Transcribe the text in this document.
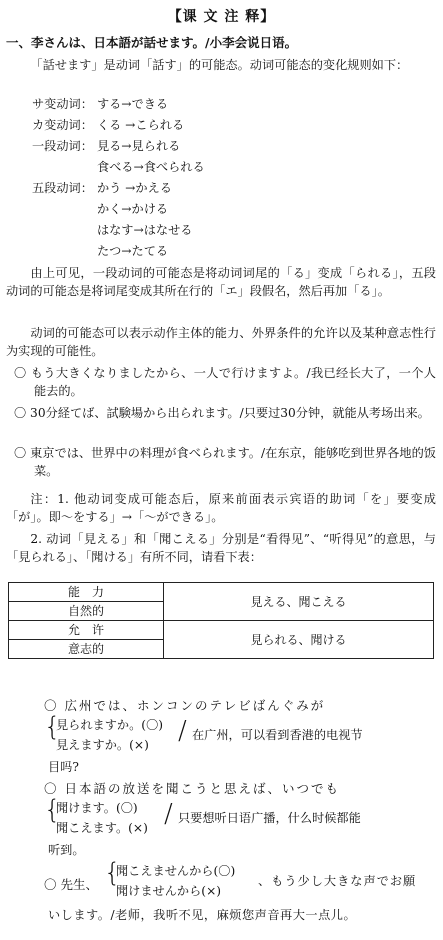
【课 文 注 释】
一、李さんは、日本語が話せます。/小李会说日语。
「話せます」是动词「話す」的可能态。动词可能态的变化规则如下：
サ变动词：	する→できる
カ变动词：	くる →こられる
一段动词：	見る→見られる
	食べる→食べられる
五段动词：	かう →かえる
	かく→かける
	はなす→はなせる
	たつ→たてる
由上可见，一段动词的可能态是将动词词尾的「る」变成「られる」，五段动词的可能态是将词尾变成其所在行的「エ」段假名，然后再加「る」。
动词的可能态可以表示动作主体的能力、外界条件的允许以及某种意志性行为实现的可能性。
〇 もう大きくなりましたから、一人で行けますよ。/我已经长大了，一个人能去的。
〇 30分経てば、試験場から出られます。/只要过30分钟，就能从考场出来。
〇 東京では、世界中の料理が食べられます。/在东京，能够吃到世界各地的饭菜。
注：1. 他动词变成可能态后，原来前面表示宾语的助词「を」要变成「が」。即～をする」→「～ができる」。
2. 动词「見える」和「聞こえる」分别是“看得见”、“听得见”的意思，与「見られる」、「聞ける」有所不同，请看下表：
能　力	見える、聞こえる
自然的	
允　许	見られる、聞ける
意志的	
〇 広州では、ホンコンのテレビばんぐみが
{
見られますか。(〇)
見えますか。(×) / 在广州，可以看到香港的电视节
目吗?
〇 日本語の放送を聞こうと思えば、いつでも
{
聞けます。(〇)
聞こえます。(×) / 只要想听日语广播，什么时候都能
听到。
〇 先生、 {
聞こえませんから(〇)
聞けませんから(×)
、もう少し大きな声でお願
いします。/老师，我听不见，麻烦您声音再大一点儿。
